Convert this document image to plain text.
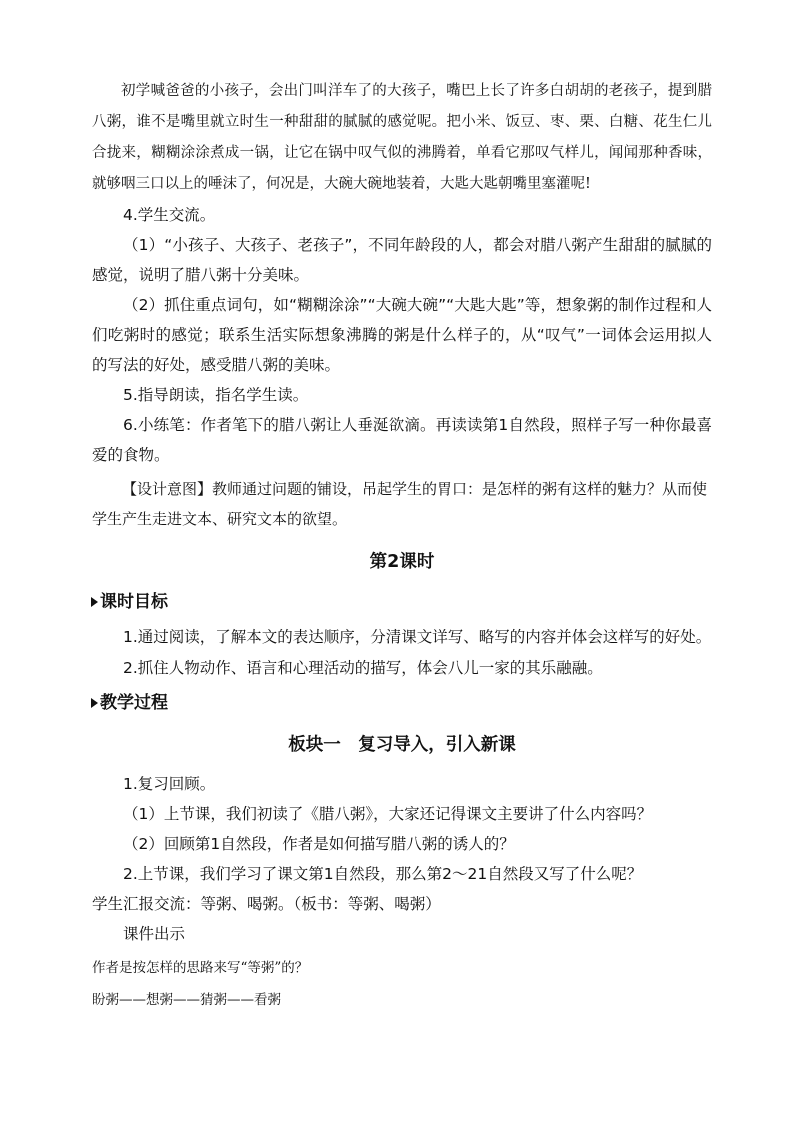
初学喊爸爸的小孩子，会出门叫洋车了的大孩子，嘴巴上长了许多白胡胡的老孩子，提到腊八粥，谁不是嘴里就立时生一种甜甜的腻腻的感觉呢。把小米、饭豆、枣、栗、白糖、花生仁儿合拢来，糊糊涂涂煮成一锅，让它在锅中叹气似的沸腾着，单看它那叹气样儿，闻闻那种香味，就够咽三口以上的唾沫了，何况是，大碗大碗地装着，大匙大匙朝嘴里塞灌呢!

4.学生交流。

（1）“小孩子、大孩子、老孩子”，不同年龄段的人，都会对腊八粥产生甜甜的腻腻的感觉，说明了腊八粥十分美味。

（2）抓住重点词句，如“糊糊涂涂”“大碗大碗”“大匙大匙”等，想象粥的制作过程和人们吃粥时的感觉；联系生活实际想象沸腾的粥是什么样子的，从“叹气”一词体会运用拟人的写法的好处，感受腊八粥的美味。

5.指导朗读，指名学生读。

6.小练笔：作者笔下的腊八粥让人垂涎欲滴。再读读第1自然段，照样子写一种你最喜爱的食物。

【设计意图】教师通过问题的铺设，吊起学生的胃口：是怎样的粥有这样的魅力？从而使学生产生走进文本、研究文本的欲望。

第2课时
课时目标

1.通过阅读，了解本文的表达顺序，分清课文详写、略写的内容并体会这样写的好处。

2.抓住人物动作、语言和心理活动的描写，体会八儿一家的其乐融融。

教学过程
板块一　复习导入，引入新课

1.复习回顾。

（1）上节课，我们初读了《腊八粥》，大家还记得课文主要讲了什么内容吗？

（2）回顾第1自然段，作者是如何描写腊八粥的诱人的？

2.上节课，我们学习了课文第1自然段，那么第2～21自然段又写了什么呢？

学生汇报交流：等粥、喝粥。（板书：等粥、喝粥）

课件出示

作者是按怎样的思路来写“等粥”的？

盼粥——想粥——猜粥——看粥
